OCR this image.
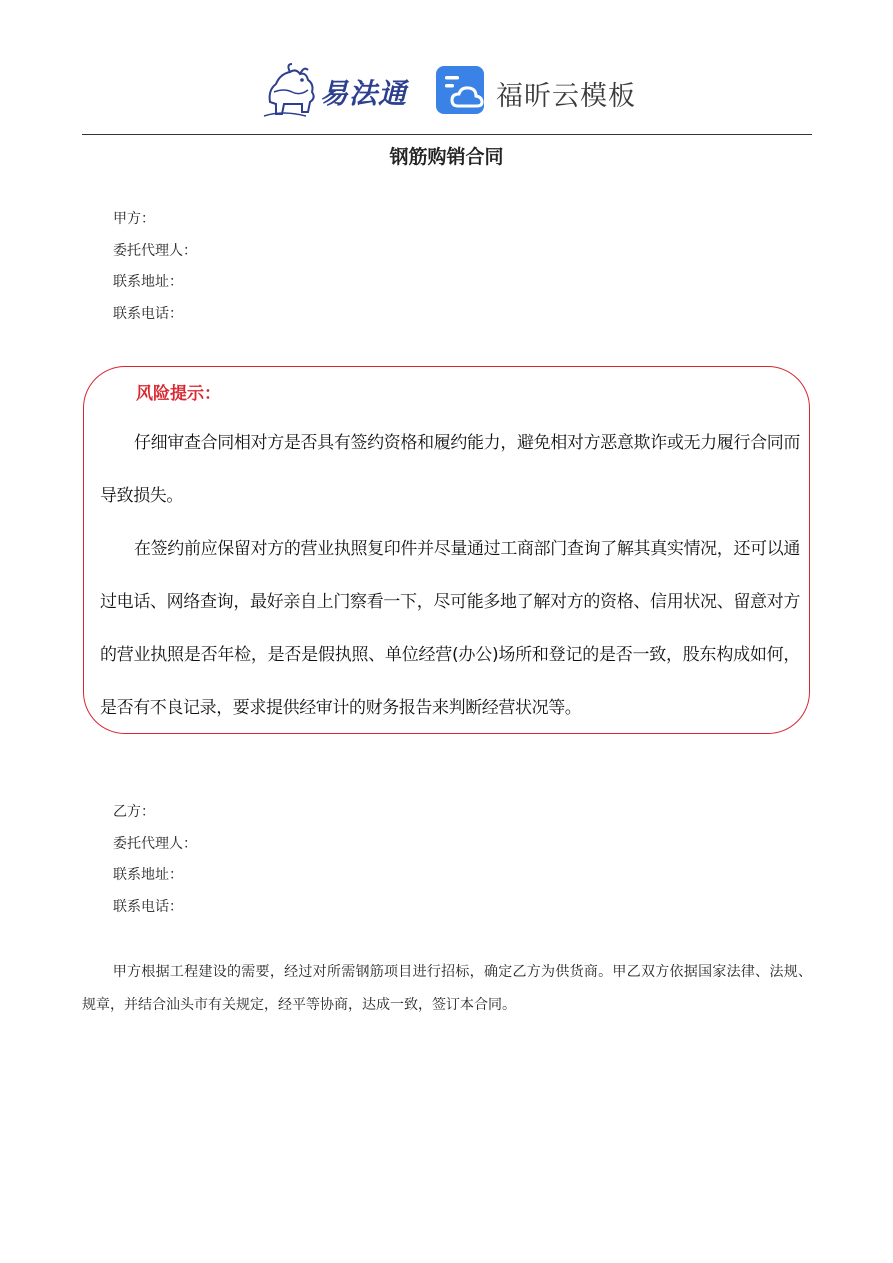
易法通	福昕云模板
钢筋购销合同
甲方：
委托代理人：
联系地址：
联系电话：
风险提示：

仔细审查合同相对方是否具有签约资格和履约能力，避免相对方恶意欺诈或无力履行合同而导致损失。

在签约前应保留对方的营业执照复印件并尽量通过工商部门查询了解其真实情况，还可以通过电话、网络查询，最好亲自上门察看一下，尽可能多地了解对方的资格、信用状况、留意对方的营业执照是否年检，是否是假执照、单位经营(办公)场所和登记的是否一致，股东构成如何，是否有不良记录，要求提供经审计的财务报告来判断经营状况等。

乙方：
委托代理人：
联系地址：
联系电话：
甲方根据工程建设的需要，经过对所需钢筋项目进行招标，确定乙方为供货商。甲乙双方依据国家法律、法规、规章，并结合汕头市有关规定，经平等协商，达成一致，签订本合同。
